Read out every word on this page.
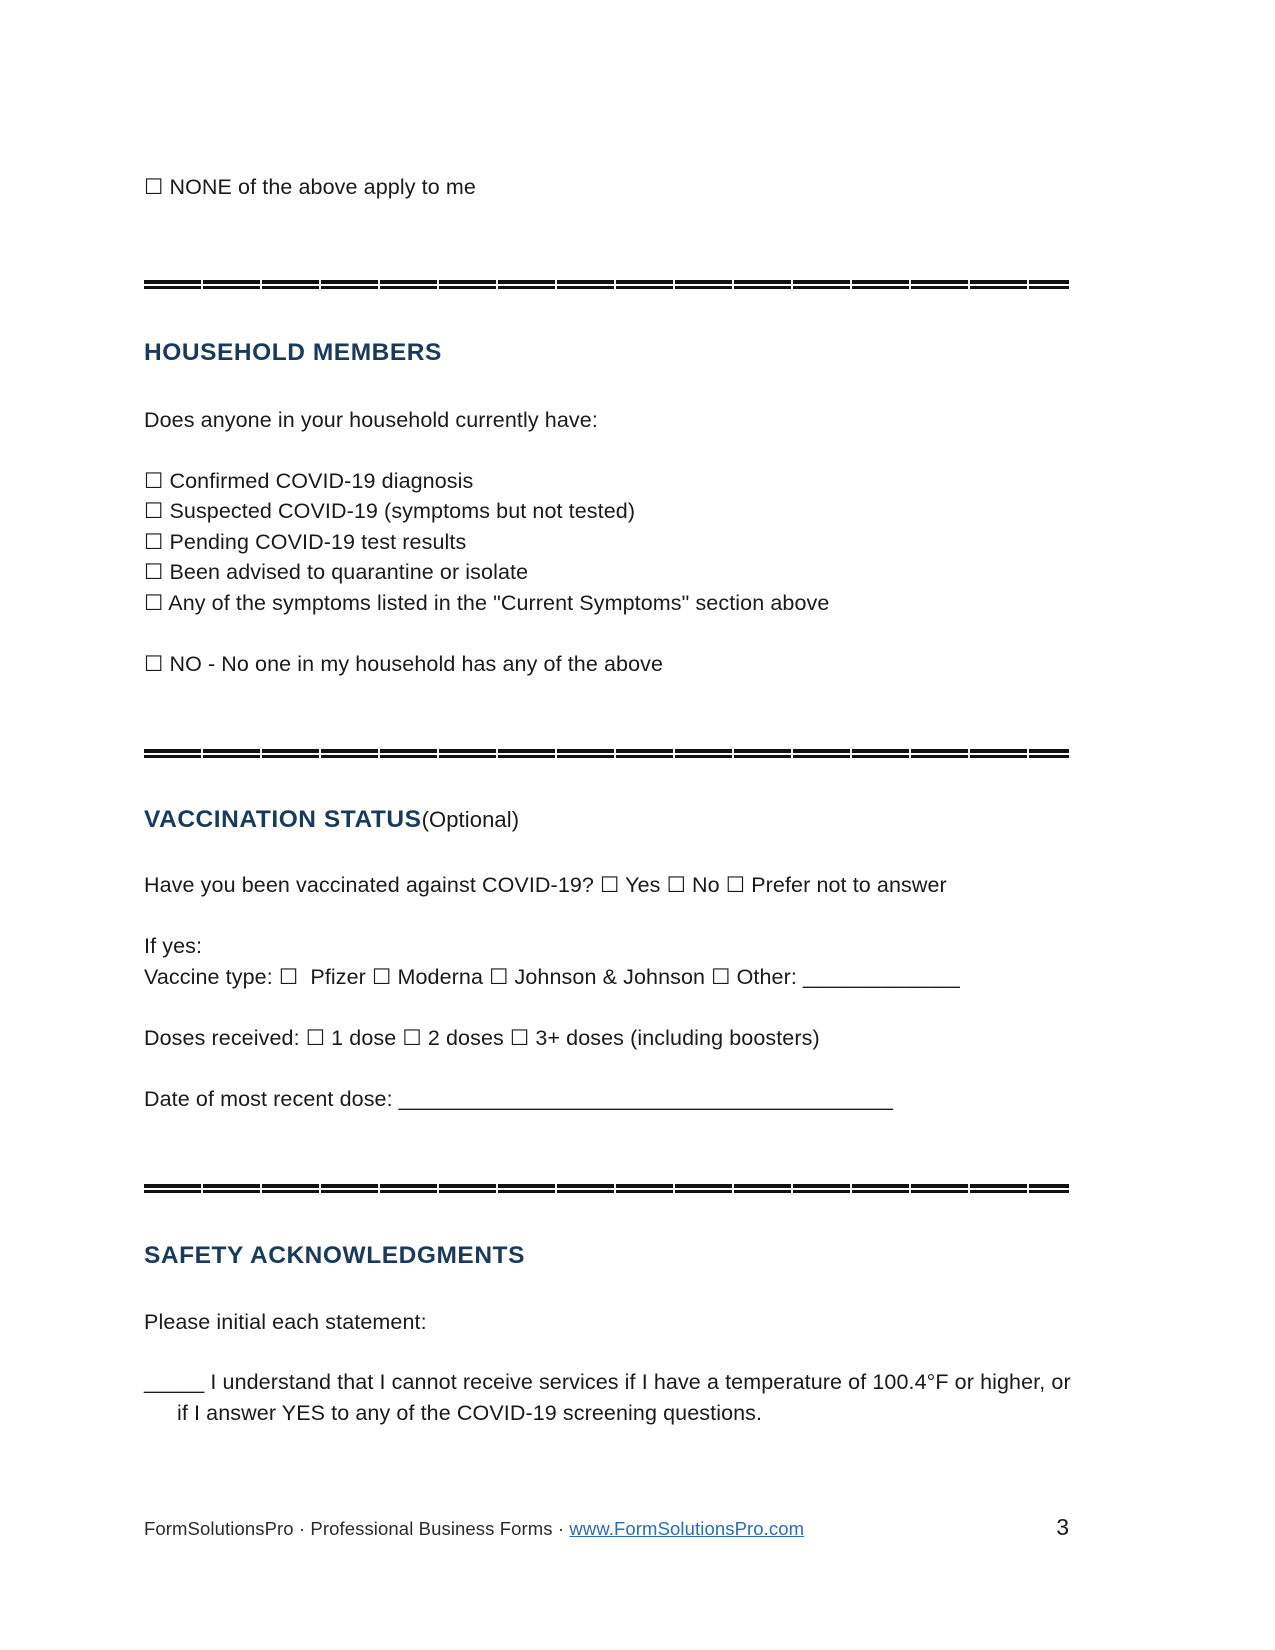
☐ NONE of the above apply to me
HOUSEHOLD MEMBERS
Does anyone in your household currently have:
☐ Confirmed COVID-19 diagnosis
☐ Suspected COVID-19 (symptoms but not tested)
☐ Pending COVID-19 test results
☐ Been advised to quarantine or isolate
☐ Any of the symptoms listed in the "Current Symptoms" section above
☐ NO - No one in my household has any of the above
VACCINATION STATUS(Optional)
Have you been vaccinated against COVID-19? ☐ Yes ☐ No ☐ Prefer not to answer
If yes:
Vaccine type: ☐  Pfizer ☐ Moderna ☐ Johnson & Johnson ☐ Other: _____________
Doses received: ☐ 1 dose ☐ 2 doses ☐ 3+ doses (including boosters)
Date of most recent dose: _________________________________________
SAFETY ACKNOWLEDGMENTS
Please initial each statement:
_____ I understand that I cannot receive services if I have a temperature of 100.4°F or higher, or if I answer YES to any of the COVID-19 screening questions.
FormSolutionsPro · Professional Business Forms · www.FormSolutionsPro.com	3
